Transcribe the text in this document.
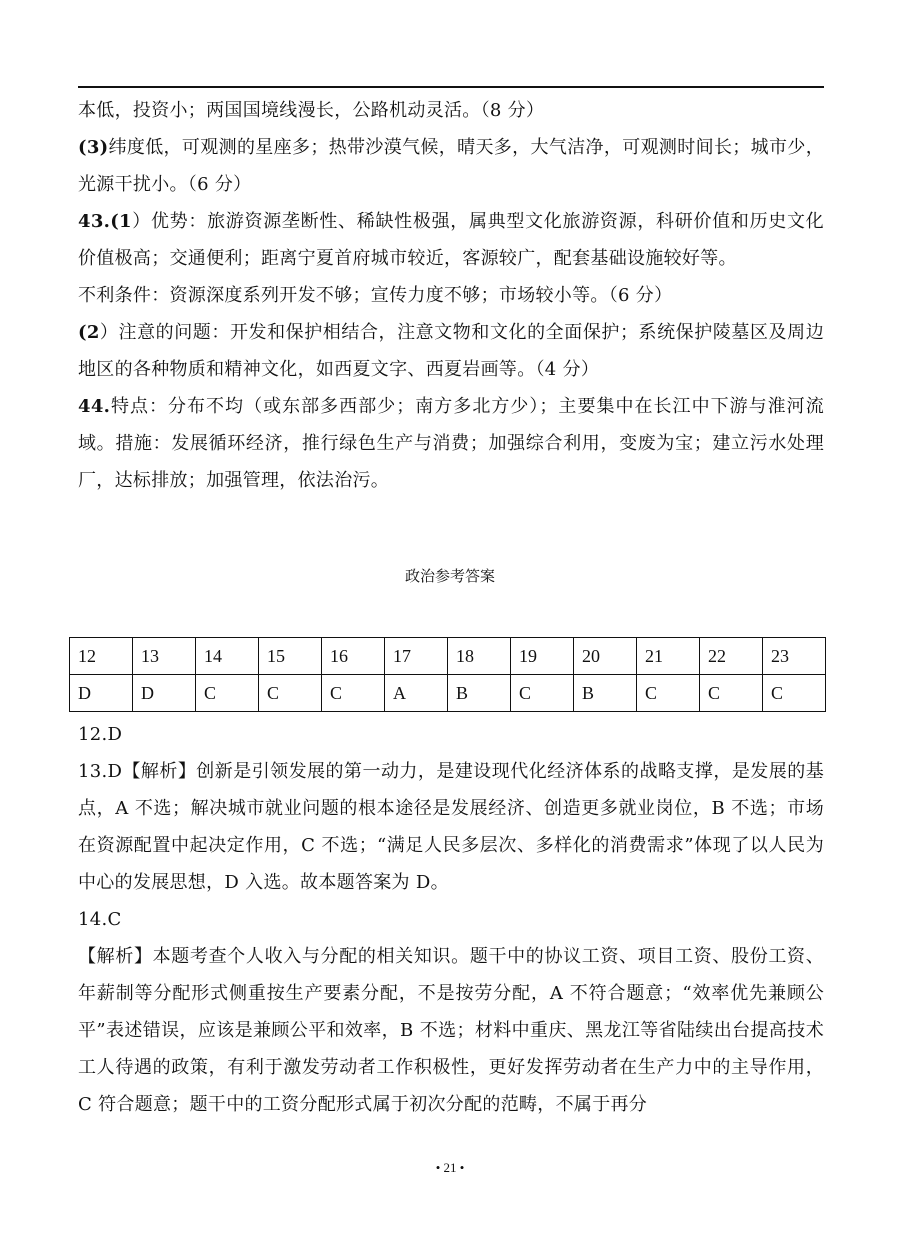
本低，投资小；两国国境线漫长，公路机动灵活。（8 分）

(3)纬度低，可观测的星座多；热带沙漠气候，晴天多，大气洁净，可观测时间长；城市少，光源干扰小。（6 分）

43.(1）优势：旅游资源垄断性、稀缺性极强，属典型文化旅游资源，科研价值和历史文化价值极高；交通便利；距离宁夏首府城市较近，客源较广，配套基础设施较好等。

不利条件：资源深度系列开发不够；宣传力度不够；市场较小等。（6 分）

(2）注意的问题：开发和保护相结合，注意文物和文化的全面保护；系统保护陵墓区及周边地区的各种物质和精神文化，如西夏文字、西夏岩画等。（4 分）

44.特点：分布不均（或东部多西部少；南方多北方少）；主要集中在长江中下游与淮河流域。措施：发展循环经济，推行绿色生产与消费；加强综合利用，变废为宝；建立污水处理厂，达标排放；加强管理，依法治污。

政治参考答案
12	13	14	15	16	17	18	19	20	21	22	23
D	D	C	C	C	A	B	C	B	C	C	C

12.D

13.D【解析】创新是引领发展的第一动力，是建设现代化经济体系的战略支撑，是发展的基点，A 不选；解决城市就业问题的根本途径是发展经济、创造更多就业岗位，B 不选；市场在资源配置中起决定作用，C 不选；“满足人民多层次、多样化的消费需求”体现了以人民为中心的发展思想，D 入选。故本题答案为 D。

14.C

【解析】本题考查个人收入与分配的相关知识。题干中的协议工资、项目工资、股份工资、年薪制等分配形式侧重按生产要素分配，不是按劳分配，A 不符合题意；“效率优先兼顾公平”表述错误，应该是兼顾公平和效率，B 不选；材料中重庆、黑龙江等省陆续出台提高技术工人待遇的政策，有利于激发劳动者工作积极性，更好发挥劳动者在生产力中的主导作用，C 符合题意；题干中的工资分配形式属于初次分配的范畴，不属于再分

• 21 •
